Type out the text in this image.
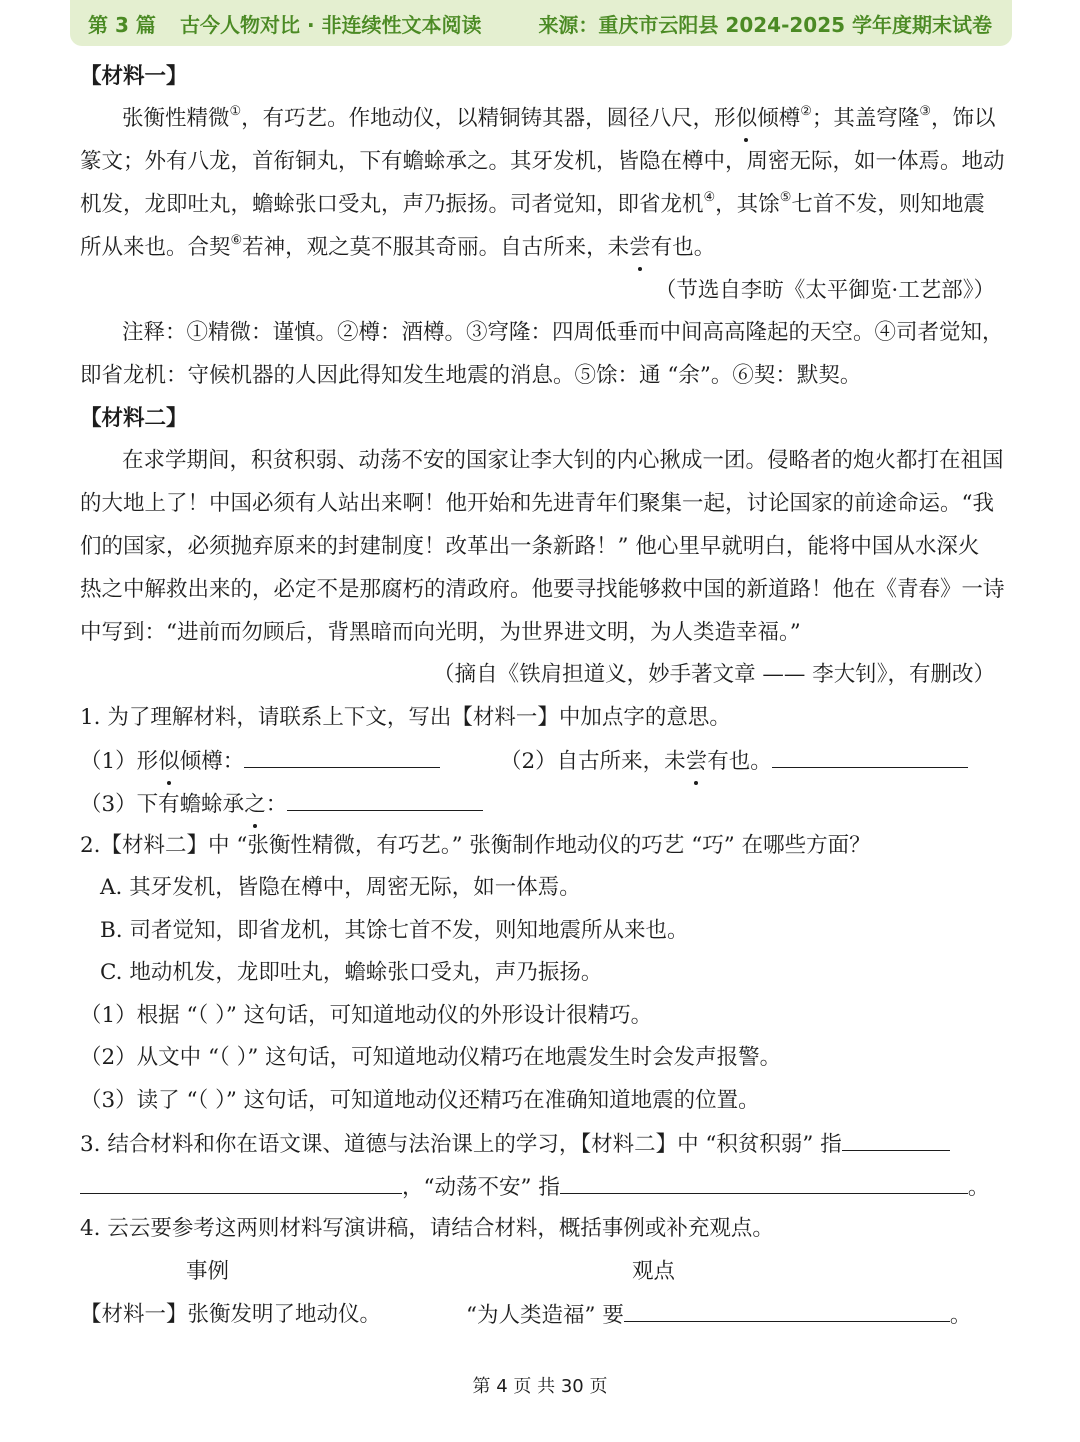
第 3 篇 古今人物对比 · 非连续性文本阅读	来源：重庆市云阳县 2024-2025 学年度期末试卷
【材料一】
张衡性精微①，有巧艺。作地动仪，以精铜铸其器，圆径八尺，形似倾樽②；其盖穹隆③，饰以
篆文；外有八龙，首衔铜丸，下有蟾蜍承之。其牙发机，皆隐在樽中，周密无际，如一体焉。地动
机发，龙即吐丸，蟾蜍张口受丸，声乃振扬。司者觉知，即省龙机④，其馀⑤七首不发，则知地震
所从来也。合契⑥若神，观之莫不服其奇丽。自古所来，未尝有也。
（节选自李昉《太平御览·工艺部》）
注释：①精微：谨慎。②樽：酒樽。③穹隆：四周低垂而中间高高隆起的天空。④司者觉知，
即省龙机：守候机器的人因此得知发生地震的消息。⑤馀：通 “余”。⑥契：默契。
【材料二】
在求学期间，积贫积弱、动荡不安的国家让李大钊的内心揪成一团。侵略者的炮火都打在祖国
的大地上了！中国必须有人站出来啊！他开始和先进青年们聚集一起，讨论国家的前途命运。“我
们的国家，必须抛弃原来的封建制度！改革出一条新路！” 他心里早就明白，能将中国从水深火
热之中解救出来的，必定不是那腐朽的清政府。他要寻找能够救中国的新道路！他在《青春》一诗
中写到：“进前而勿顾后，背黑暗而向光明，为世界进文明，为人类造幸福。”
（摘自《铁肩担道义，妙手著文章 —— 李大钊》，有删改）
1. 为了理解材料，请联系上下文，写出【材料一】中加点字的意思。
（1）形似倾樽：	（2）自古所来，未尝有也。
（3）下有蟾蜍承之：
2.【材料二】中 “张衡性精微，有巧艺。” 张衡制作地动仪的巧艺 “巧” 在哪些方面？
A. 其牙发机，皆隐在樽中，周密无际，如一体焉。
B. 司者觉知，即省龙机，其馀七首不发，则知地震所从来也。
C. 地动机发，龙即吐丸，蟾蜍张口受丸，声乃振扬。
（1）根据 “（ ）” 这句话，可知道地动仪的外形设计很精巧。
（2）从文中 “（ ）” 这句话，可知道地动仪精巧在地震发生时会发声报警。
（3）读了 “（ ）” 这句话，可知道地动仪还精巧在准确知道地震的位置。
3. 结合材料和你在语文课、道德与法治课上的学习，【材料二】中 “积贫积弱” 指
，“动荡不安” 指	。
4. 云云要参考这两则材料写演讲稿，请结合材料，概括事例或补充观点。
事例	观点
【材料一】张衡发明了地动仪。	“为人类造福” 要	。
第 4 页 共 30 页
